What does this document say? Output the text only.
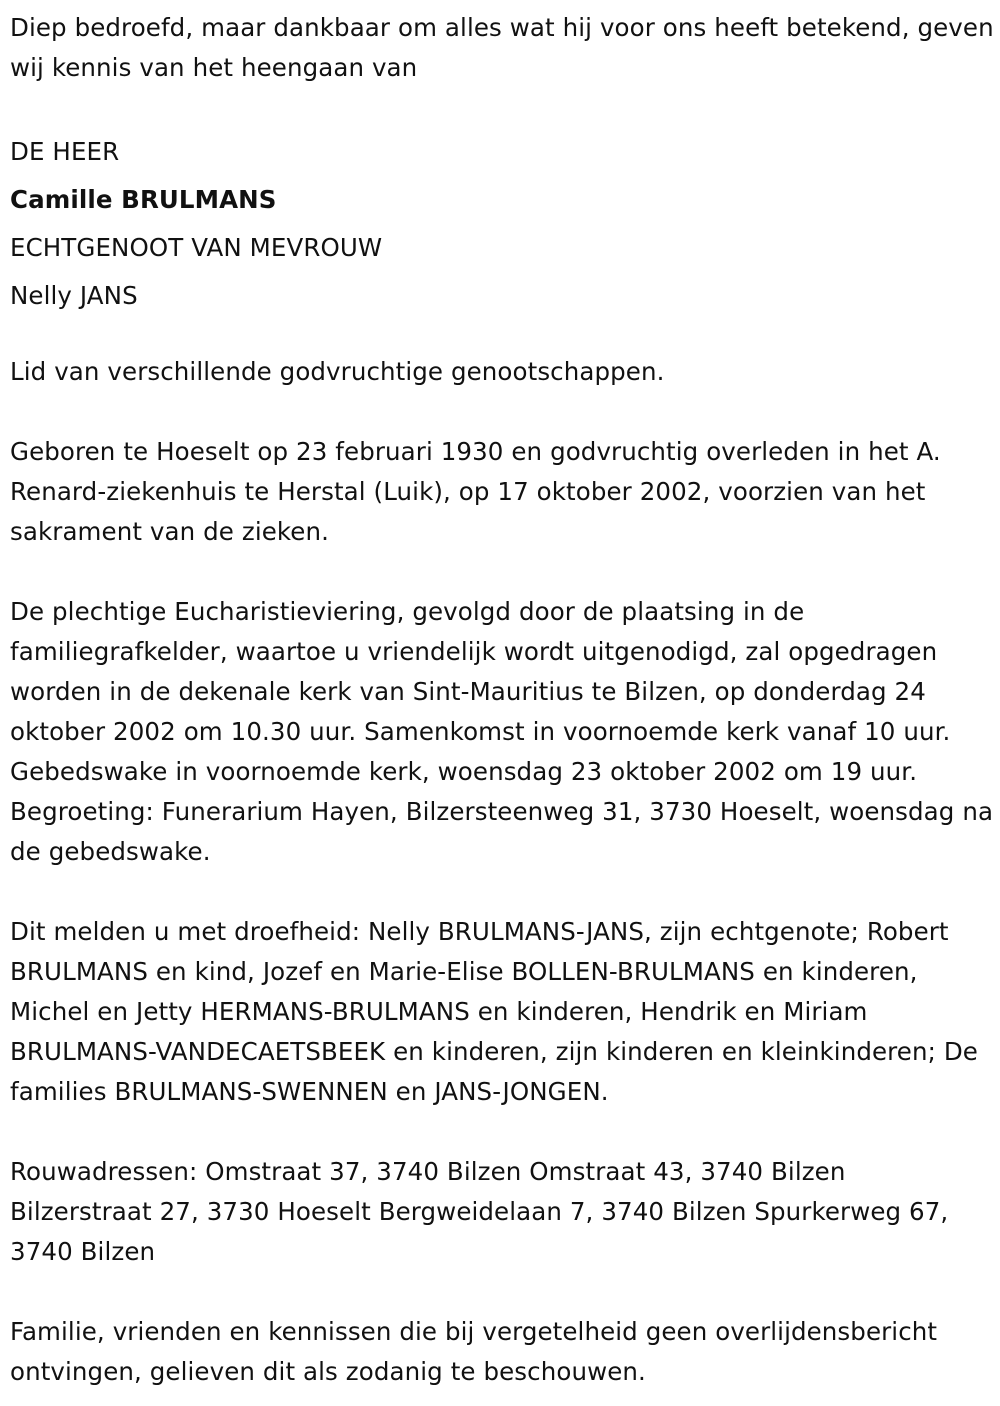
Diep bedroefd, maar dankbaar om alles wat hij voor ons heeft betekend, geven wij kennis van het heengaan van

DE HEER

Camille BRULMANS

ECHTGENOOT VAN MEVROUW

Nelly JANS

Lid van verschillende godvruchtige genootschappen.

Geboren te Hoeselt op 23 februari 1930 en godvruchtig overleden in het A. Renard-ziekenhuis te Herstal (Luik), op 17 oktober 2002, voorzien van het sakrament van de zieken.

De plechtige Eucharistieviering, gevolgd door de plaatsing in de familiegrafkelder, waartoe u vriendelijk wordt uitgenodigd, zal opgedragen worden in de dekenale kerk van Sint-Mauritius te Bilzen, op donderdag 24 oktober 2002 om 10.30 uur. Samenkomst in voornoemde kerk vanaf 10 uur. Gebedswake in voornoemde kerk, woensdag 23 oktober 2002 om 19 uur. Begroeting: Funerarium Hayen, Bilzersteenweg 31, 3730 Hoeselt, woensdag na de gebedswake.

Dit melden u met droefheid: Nelly BRULMANS-JANS, zijn echtgenote; Robert BRULMANS en kind, Jozef en Marie-Elise BOLLEN-BRULMANS en kinderen, Michel en Jetty HERMANS-BRULMANS en kinderen, Hendrik en Miriam BRULMANS-VANDECAETSBEEK en kinderen, zijn kinderen en kleinkinderen; De families BRULMANS-SWENNEN en JANS-JONGEN.

Rouwadressen: Omstraat 37, 3740 Bilzen Omstraat 43, 3740 Bilzen Bilzerstraat 27, 3730 Hoeselt Bergweidelaan 7, 3740 Bilzen Spurkerweg 67, 3740 Bilzen

Familie, vrienden en kennissen die bij vergetelheid geen overlijdensbericht ontvingen, gelieven dit als zodanig te beschouwen.
